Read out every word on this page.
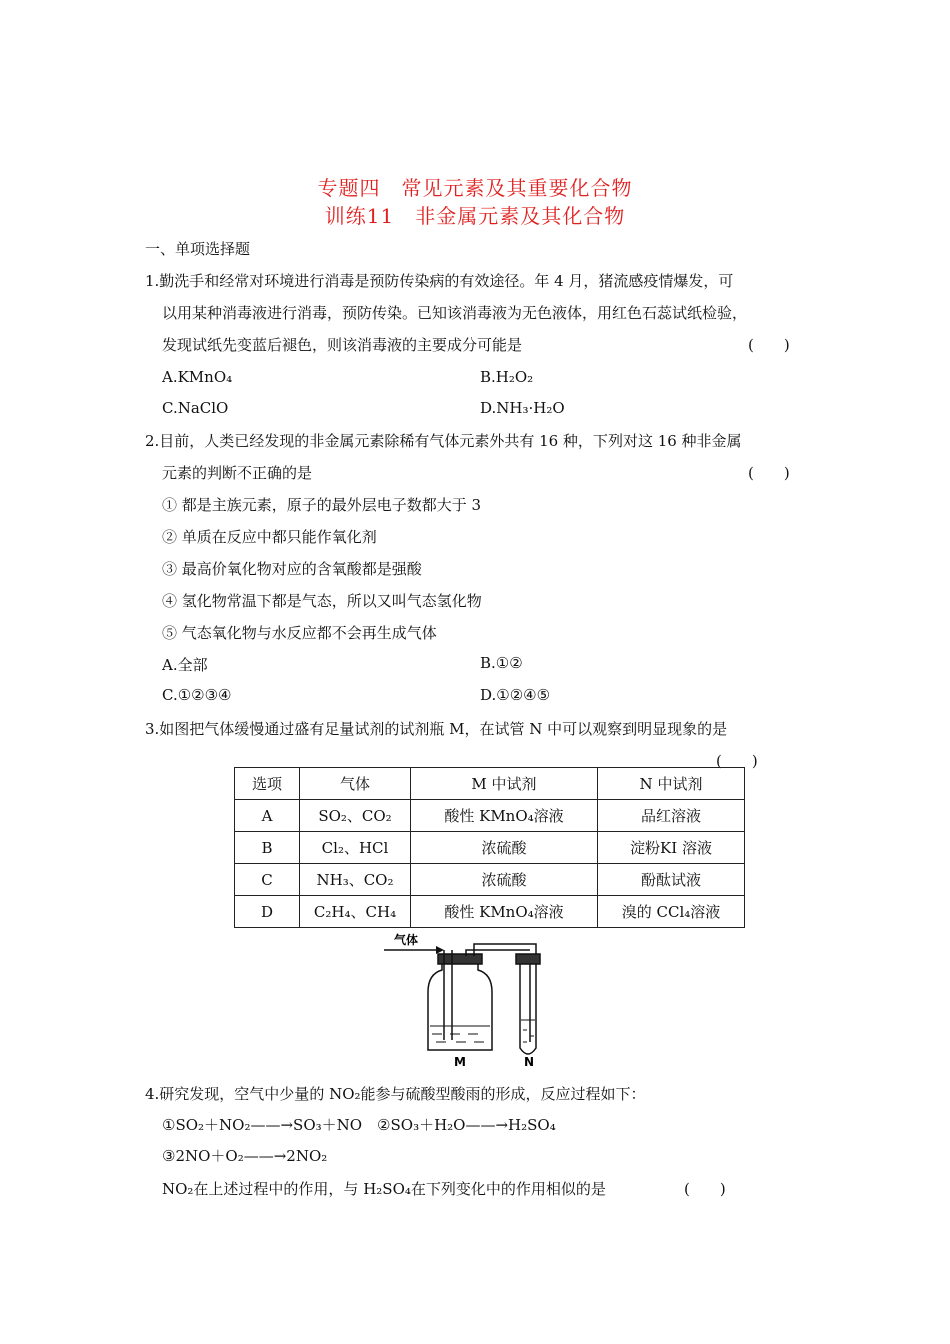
专题四　常见元素及其重要化合物
训练11　非金属元素及其化合物
一、单项选择题
1.勤洗手和经常对环境进行消毒是预防传染病的有效途径。年 4 月，猪流感疫情爆发，可
以用某种消毒液进行消毒，预防传染。已知该消毒液为无色液体，用红色石蕊试纸检验，
发现试纸先变蓝后褪色，则该消毒液的主要成分可能是	(　　)
A.KMnO₄	B.H₂O₂
C.NaClO	D.NH₃·H₂O
2.目前，人类已经发现的非金属元素除稀有气体元素外共有 16 种，下列对这 16 种非金属
元素的判断不正确的是	(　　)
① 都是主族元素，原子的最外层电子数都大于 3
② 单质在反应中都只能作氧化剂
③ 最高价氧化物对应的含氧酸都是强酸
④ 氢化物常温下都是气态，所以又叫气态氢化物
⑤ 气态氧化物与水反应都不会再生成气体
A.全部	B.①②
C.①②③④	D.①②④⑤
3.如图把气体缓慢通过盛有足量试剂的试剂瓶 M，在试管 N 中可以观察到明显现象的是
(　　)
选项	气体	M 中试剂	N 中试剂
A	SO₂、CO₂	酸性 KMnO₄溶液	品红溶液
B	Cl₂、HCl	浓硫酸	淀粉KI 溶液
C	NH₃、CO₂	浓硫酸	酚酞试液
D	C₂H₄、CH₄	酸性 KMnO₄溶液	溴的 CCl₄溶液
气体
M	N
4.研究发现，空气中少量的 NO₂能参与硫酸型酸雨的形成，反应过程如下：
①SO₂＋NO₂——→SO₃＋NO　②SO₃＋H₂O——→H₂SO₄
③2NO＋O₂——→2NO₂
NO₂在上述过程中的作用，与 H₂SO₄在下列变化中的作用相似的是	(　　)
